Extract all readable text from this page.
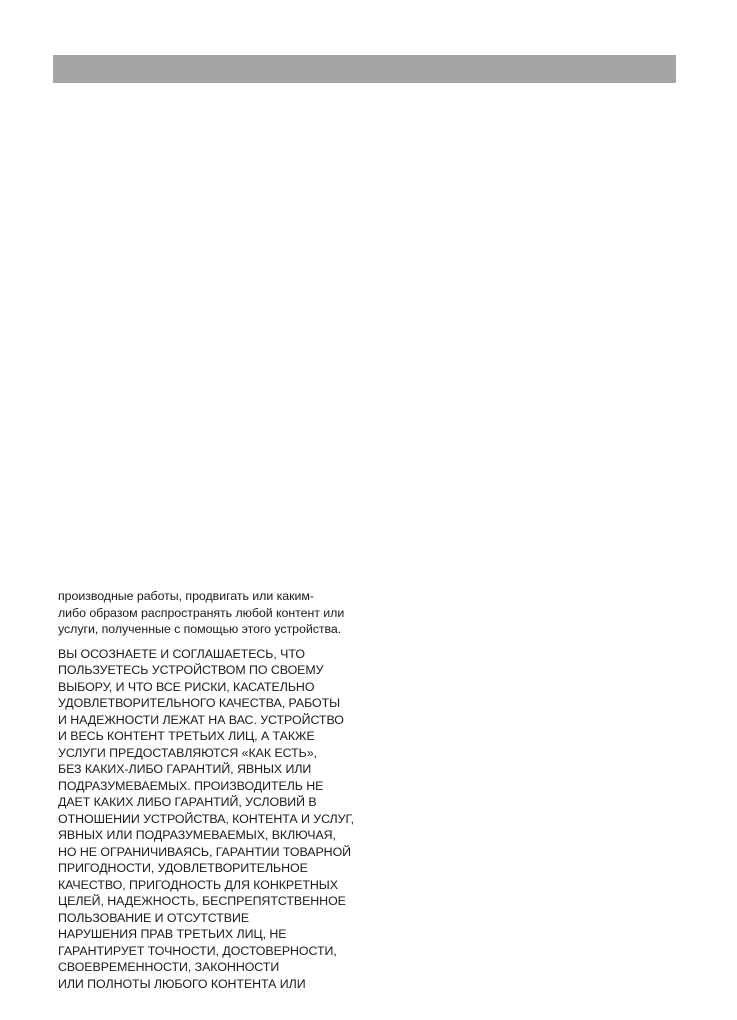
производные работы, продвигать или каким-
либо образом распространять любой контент или
услуги, полученные с помощью этого устройства.

ВЫ ОСОЗНАЕТЕ И СОГЛАШАЕТЕСЬ, ЧТО
ПОЛЬЗУЕТЕСЬ УСТРОЙСТВОМ ПО СВОЕМУ
ВЫБОРУ, И ЧТО ВСЕ РИСКИ, КАСАТЕЛЬНО
УДОВЛЕТВОРИТЕЛЬНОГО КАЧЕСТВА, РАБОТЫ
И НАДЕЖНОСТИ ЛЕЖАТ НА ВАС. УСТРОЙСТВО
И ВЕСЬ КОНТЕНТ ТРЕТЬИХ ЛИЦ, А ТАКЖЕ
УСЛУГИ ПРЕДОСТАВЛЯЮТСЯ «КАК ЕСТЬ»,
БЕЗ КАКИХ-ЛИБО ГАРАНТИЙ, ЯВНЫХ ИЛИ
ПОДРАЗУМЕВАЕМЫХ. ПРОИЗВОДИТЕЛЬ НЕ
ДАЕТ КАКИХ ЛИБО ГАРАНТИЙ, УСЛОВИЙ В
ОТНОШЕНИИ УСТРОЙСТВА, КОНТЕНТА И УСЛУГ,
ЯВНЫХ ИЛИ ПОДРАЗУМЕВАЕМЫХ, ВКЛЮЧАЯ,
НО НЕ ОГРАНИЧИВАЯСЬ, ГАРАНТИИ ТОВАРНОЙ
ПРИГОДНОСТИ, УДОВЛЕТВОРИТЕЛЬНОЕ
КАЧЕСТВО, ПРИГОДНОСТЬ ДЛЯ КОНКРЕТНЫХ
ЦЕЛЕЙ, НАДЕЖНОСТЬ, БЕСПРЕПЯТСТВЕННОЕ
ПОЛЬЗОВАНИЕ И ОТСУТСТВИЕ
НАРУШЕНИЯ ПРАВ ТРЕТЬИХ ЛИЦ, НЕ
ГАРАНТИРУЕТ ТОЧНОСТИ, ДОСТОВЕРНОСТИ,
СВОЕВРЕМЕННОСТИ, ЗАКОННОСТИ
ИЛИ ПОЛНОТЫ ЛЮБОГО КОНТЕНТА ИЛИ
